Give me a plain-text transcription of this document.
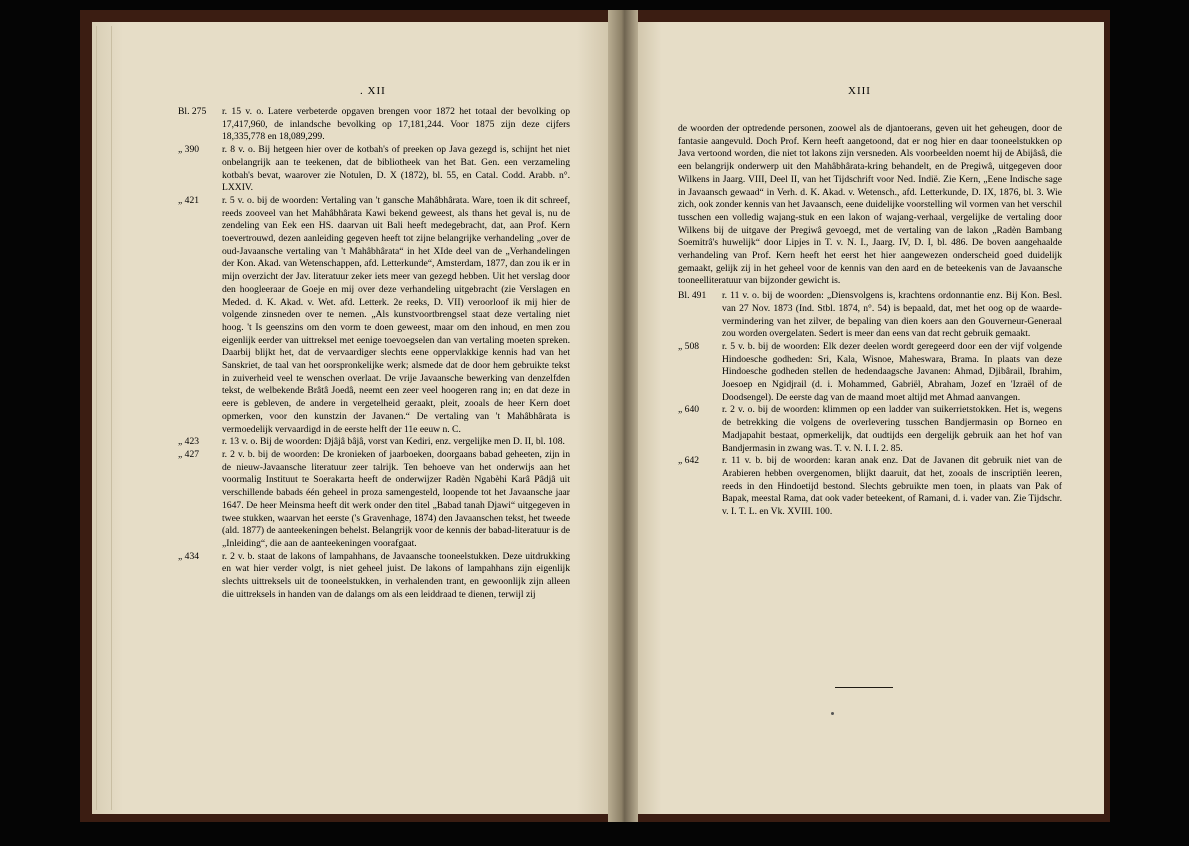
. XII	XIII
Bl. 275	r. 15 v. o. Latere verbeterde opgaven brengen voor 1872 het totaal der bevolking op 17,417,960, de inlandsche bevolking op 17,181,244. Voor 1875 zijn deze cijfers 18,335,778 en 18,089,299.
„ 390	r. 8 v. o. Bij hetgeen hier over de kotbah's of preeken op Java gezegd is, schijnt het niet onbelangrijk aan te teekenen, dat de bibliotheek van het Bat. Gen. een verzameling kotbah's bevat, waarover zie Notulen, D. X (1872), bl. 55, en Catal. Codd. Arabb. n°. LXXIV.
„ 421	r. 5 v. o. bij de woorden: Vertaling van 't gansche Mahâbhârata. Ware, toen ik dit schreef, reeds zooveel van het Mahâbhârata Kawi bekend geweest, als thans het geval is, nu de zendeling van Eek een HS. daarvan uit Bali heeft medegebracht, dat, aan Prof. Kern toevertrouwd, dezen aanleiding gegeven heeft tot zijne belangrijke verhandeling „over de oud-Javaansche vertaling van 't Mahâbhârata“ in het XIde deel van de „Verhandelingen der Kon. Akad. van Wetenschappen, afd. Letterkunde“, Amsterdam, 1877, dan zou ik er in mijn overzicht der Jav. literatuur zeker iets meer van gezegd hebben. Uit het verslag door den hoogleeraar de Goeje en mij over deze verhandeling uitgebracht (zie Verslagen en Meded. d. K. Akad. v. Wet. afd. Letterk. 2e reeks, D. VII) veroorloof ik mij hier de volgende zinsneden over te nemen. „Als kunstvoortbrengsel staat deze vertaling niet hoog. 't Is geenszins om den vorm te doen geweest, maar om den inhoud, en men zou eigenlijk eerder van uittreksel met eenige toevoegselen dan van vertaling moeten spreken. Daarbij blijkt het, dat de vervaardiger slechts eene oppervlakkige kennis had van het Sanskriet, de taal van het oorspronkelijke werk; alsmede dat de door hem gebruikte tekst in zuiverheid veel te wenschen overlaat. De vrije Javaansche bewerking van denzelfden tekst, de welbekende Brâtâ Joedâ, neemt een zeer veel hoogeren rang in; en dat deze in eere is gebleven, de andere in vergetelheid geraakt, pleit, zooals de heer Kern doet opmerken, voor den kunstzin der Javanen.“ De vertaling van 't Mahâbhârata is vermoedelijk vervaardigd in de eerste helft der 11e eeuw n. C.
„ 423	r. 13 v. o. Bij de woorden: Djâjâ bâjâ, vorst van Kediri, enz. vergelijke men D. II, bl. 108.
„ 427	r. 2 v. b. bij de woorden: De kronieken of jaarboeken, doorgaans babad geheeten, zijn in de nieuw-Javaansche literatuur zeer talrijk. Ten behoeve van het onderwijs aan het voormalig Instituut te Soerakarta heeft de onderwijzer Radèn Ngabèhi Karâ Pâdjâ uit verschillende babads één geheel in proza samengesteld, loopende tot het Javaansche jaar 1647. De heer Meinsma heeft dit werk onder den titel „Babad tanah Djawi“ uitgegeven in twee stukken, waarvan het eerste ('s Gravenhage, 1874) den Javaanschen tekst, het tweede (ald. 1877) de aanteekeningen behelst. Belangrijk voor de kennis der babad-literatuur is de „Inleiding“, die aan de aanteekeningen voorafgaat.
„ 434	r. 2 v. b. staat de lakons of lampahhans, de Javaansche tooneelstukken. Deze uitdrukking en wat hier verder volgt, is niet geheel juist. De lakons of lampahhans zijn eigenlijk slechts uittreksels uit de tooneelstukken, in verhalenden trant, en gewoonlijk zijn alleen die uittreksels in handen van de dalangs om als een leiddraad te dienen, terwijl zij

de woorden der optredende personen, zoowel als de djantoerans, geven uit het geheugen, door de fantasie aangevuld. Doch Prof. Kern heeft aangetoond, dat er nog hier en daar tooneelstukken op Java vertoond worden, die niet tot lakons zijn versneden. Als voorbeelden noemt hij de Abijâsâ, die een belangrijk onderwerp uit den Mahâbhârata-kring behandelt, en de Pregiwâ, uitgegeven door Wilkens in Jaarg. VIII, Deel II, van het Tijdschrift voor Ned. Indië. Zie Kern, „Eene Indische sage in Javaansch gewaad“ in Verh. d. K. Akad. v. Wetensch., afd. Letterkunde, D. IX, 1876, bl. 3. Wie zich, ook zonder kennis van het Javaansch, eene duidelijke voorstelling wil vormen van het verschil tusschen een volledig wajang-stuk en een lakon of wajang-verhaal, vergelijke de vertaling door Wilkens bij de uitgave der Pregiwâ gevoegd, met de vertaling van de lakon „Radèn Bambang Soemitrâ's huwelijk“ door Lipjes in T. v. N. I., Jaarg. IV, D. I, bl. 486. De boven aangehaalde verhandeling van Prof. Kern heeft het eerst het hier aangewezen onderscheid goed duidelijk gemaakt, gelijk zij in het geheel voor de kennis van den aard en de beteekenis van de Javaansche tooneelliteratuur van bijzonder gewicht is.

Bl. 491	r. 11 v. o. bij de woorden: „Diensvolgens is, krachtens ordonnantie enz. Bij Kon. Besl. van 27 Nov. 1873 (Ind. Stbl. 1874, n°. 54) is bepaald, dat, met het oog op de waarde-vermindering van het zilver, de bepaling van dien koers aan den Gouverneur-Generaal zou worden overgelaten. Sedert is meer dan eens van dat recht gebruik gemaakt.
„ 508	r. 5 v. b. bij de woorden: Elk dezer deelen wordt geregeerd door een der vijf volgende Hindoesche godheden: Sri, Kala, Wisnoe, Maheswara, Brama. In plaats van deze Hindoesche godheden stellen de hedendaagsche Javanen: Ahmad, Djibârail, Ibrahim, Joesoep en Ngidjrail (d. i. Mohammed, Gabriël, Abraham, Jozef en 'Izraël of de Doodsengel). De eerste dag van de maand moet altijd met Ahmad aanvangen.
„ 640	r. 2 v. o. bij de woorden: klimmen op een ladder van suikerrietstokken. Het is, wegens de betrekking die volgens de overlevering tusschen Bandjermasin op Borneo en Madjapahit bestaat, opmerkelijk, dat oudtijds een dergelijk gebruik aan het hof van Bandjermasin in zwang was. T. v. N. I. I. 2. 85.
„ 642	r. 11 v. b. bij de woorden: karan anak enz. Dat de Javanen dit gebruik niet van de Arabieren hebben overgenomen, blijkt daaruit, dat het, zooals de inscriptiën leeren, reeds in den Hindoetijd bestond. Slechts gebruikte men toen, in plaats van Pak of Bapak, meestal Rama, dat ook vader beteekent, of Ramani, d. i. vader van. Zie Tijdschr. v. I. T. L. en Vk. XVIII. 100.
